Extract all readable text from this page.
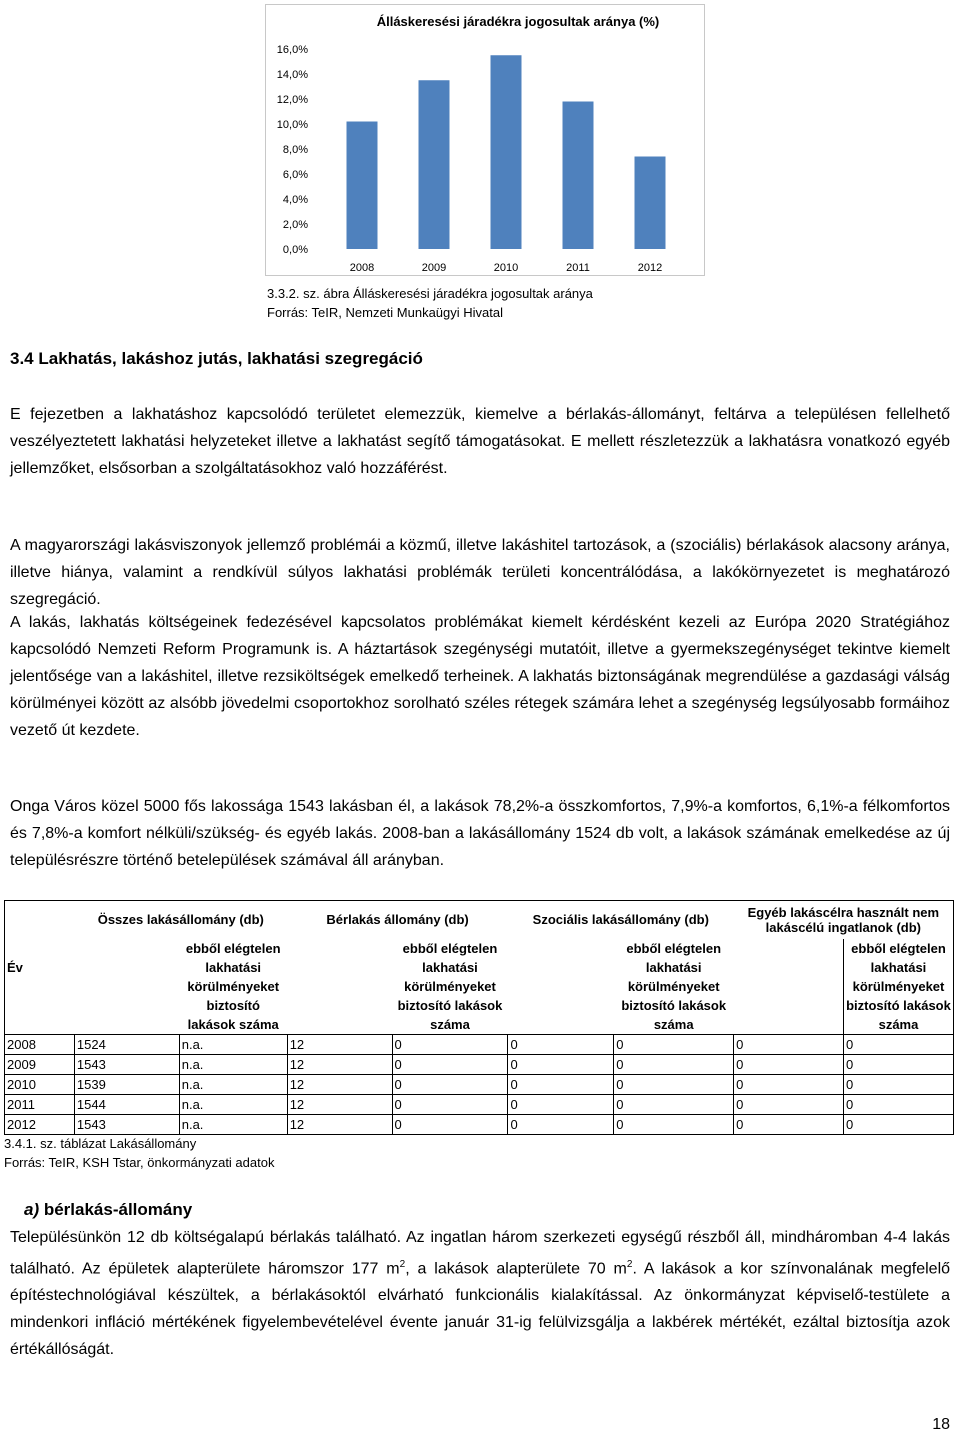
Álláskeresési járadékra jogosultak aránya (%)
0,0%
2,0%
4,0%
6,0%
8,0%
10,0%
12,0%
14,0%
16,0%
2008	2009	2010	2011	2012
3.3.2. sz. ábra Álláskeresési járadékra jogosultak aránya
Forrás: TeIR, Nemzeti Munkaügyi Hivatal
3.4 Lakhatás, lakáshoz jutás, lakhatási szegregáció
E fejezetben a lakhatáshoz kapcsolódó területet elemezzük, kiemelve a bérlakás-állományt, feltárva a településen fellelhető veszélyeztetett lakhatási helyzeteket illetve a lakhatást segítő támogatásokat. E mellett részletezzük a lakhatásra vonatkozó egyéb jellemzőket, elsősorban a szolgáltatásokhoz való hozzáférést.
A magyarországi lakásviszonyok jellemző problémái a közmű, illetve lakáshitel tartozások, a (szociális) bérlakások alacsony aránya, illetve hiánya, valamint a rendkívül súlyos lakhatási problémák területi koncentrálódása, a lakókörnyezetet is meghatározó szegregáció.
A lakás, lakhatás költségeinek fedezésével kapcsolatos problémákat kiemelt kérdésként kezeli az Európa 2020 Stratégiához kapcsolódó Nemzeti Reform Programunk is. A háztartások szegénységi mutatóit, illetve a gyermekszegénységet tekintve kiemelt jelentősége van a lakáshitel, illetve rezsiköltségek emelkedő terheinek. A lakhatás biztonságának megrendülése a gazdasági válság körülményei között az alsóbb jövedelmi csoportokhoz sorolható széles rétegek számára lehet a szegénység legsúlyosabb formáihoz vezető út kezdete.
Onga Város közel 5000 fős lakossága 1543 lakásban él, a lakások 78,2%-a összkomfortos, 7,9%-a komfortos, 6,1%-a félkomfortos és 7,8%-a komfort nélküli/szükség- és egyéb lakás. 2008-ban a lakásállomány 1524 db volt, a lakások számának emelkedése az új településrészre történő betelepülések számával áll arányban.
Év	Összes lakásállomány (db)		Bérlakás állomány (db)		Szociális lakásállomány (db)		Egyéb lakáscélra használt nem lakáscélú ingatlanok (db)	
		ebből elégtelen lakhatási körülményeket biztosító lakások száma		ebből elégtelen lakhatási körülményeket biztosító lakások száma		ebből elégtelen lakhatási körülményeket biztosító lakások száma		ebből elégtelen lakhatási körülményeket biztosító lakások száma
2008	1524	n.a.	12	0	0	0	0	0
2009	1543	n.a.	12	0	0	0	0	0
2010	1539	n.a.	12	0	0	0	0	0
2011	1544	n.a.	12	0	0	0	0	0
2012	1543	n.a.	12	0	0	0	0	0
3.4.1. sz. táblázat Lakásállomány
Forrás: TeIR, KSH Tstar, önkormányzati adatok
a) bérlakás-állomány
Településünkön 12 db költségalapú bérlakás található. Az ingatlan három szerkezeti egységű részből áll, mindháromban 4-4 lakás található. Az épületek alapterülete háromszor 177 $m^2$, a lakások alapterülete 70 $m^2$. A lakások a kor színvonalának megfelelő építéstechnológiával készültek, a bérlakásoktól elvárható funkcionális kialakítással. Az önkormányzat képviselő-testülete a mindenkori infláció mértékének figyelembevételével évente január 31-ig felülvizsgálja a lakbérek mértékét, ezáltal biztosítja azok értékállóságát.
18
